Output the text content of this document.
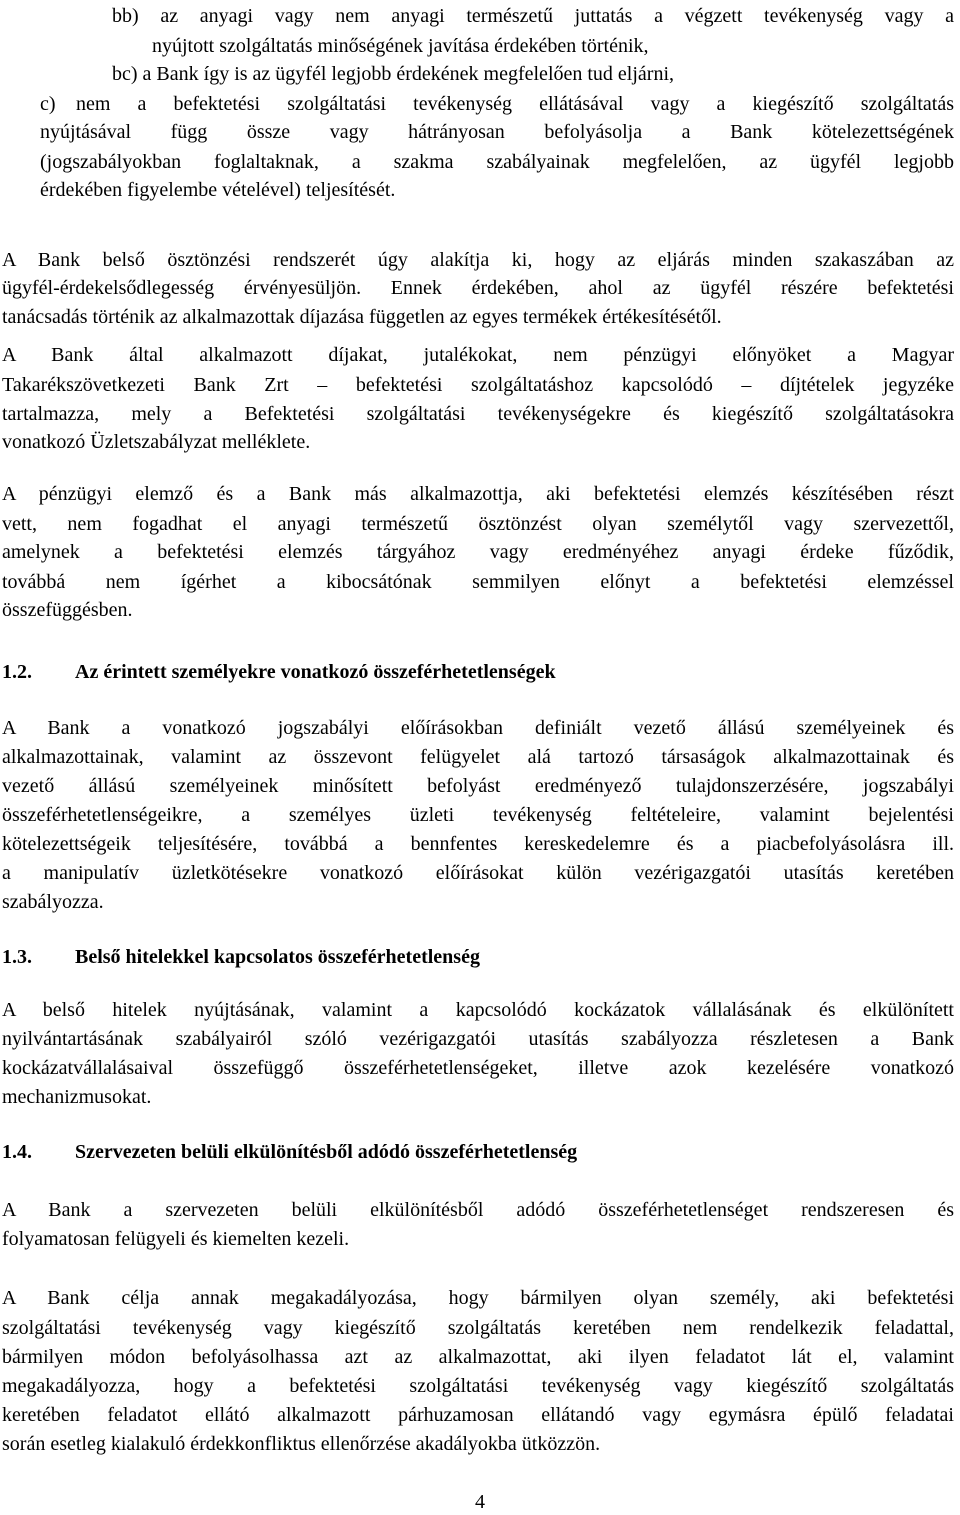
bb) az anyagi vagy nem anyagi természetű juttatás a végzett tevékenység vagy a
nyújtott szolgáltatás minőségének javítása érdekében történik,
bc) a Bank így is az ügyfél legjobb érdekének megfelelően tud eljárni,
c) nem a befektetési szolgáltatási tevékenység ellátásával vagy a kiegészítő szolgáltatás
nyújtásával függ össze vagy hátrányosan befolyásolja a Bank kötelezettségének
(jogszabályokban foglaltaknak, a szakma szabályainak megfelelően, az ügyfél legjobb
érdekében figyelembe vételével) teljesítését.
A Bank belső ösztönzési rendszerét úgy alakítja ki, hogy az eljárás minden szakaszában az
ügyfél-érdekelsődlegesség érvényesüljön. Ennek érdekében, ahol az ügyfél részére befektetési
tanácsadás történik az alkalmazottak díjazása független az egyes termékek értékesítésétől.
A Bank által alkalmazott díjakat, jutalékokat, nem pénzügyi előnyöket a Magyar
Takarékszövetkezeti Bank Zrt – befektetési szolgáltatáshoz kapcsolódó – díjtételek jegyzéke
tartalmazza, mely a Befektetési szolgáltatási tevékenységekre és kiegészítő szolgáltatásokra
vonatkozó Üzletszabályzat melléklete.
A pénzügyi elemző és a Bank más alkalmazottja, aki befektetési elemzés készítésében részt
vett, nem fogadhat el anyagi természetű ösztönzést olyan személytől vagy szervezettől,
amelynek a befektetési elemzés tárgyához vagy eredményéhez anyagi érdeke fűződik,
továbbá nem ígérhet a kibocsátónak semmilyen előnyt a befektetési elemzéssel
összefüggésben.
1.2. Az érintett személyekre vonatkozó összeférhetetlenségek
A Bank a vonatkozó jogszabályi előírásokban definiált vezető állású személyeinek és
alkalmazottainak, valamint az összevont felügyelet alá tartozó társaságok alkalmazottainak és
vezető állású személyeinek minősített befolyást eredményező tulajdonszerzésére, jogszabályi
összeférhetetlenségeikre, a személyes üzleti tevékenység feltételeire, valamint bejelentési
kötelezettségeik teljesítésére, továbbá a bennfentes kereskedelemre és a piacbefolyásolásra ill.
a manipulatív üzletkötésekre vonatkozó előírásokat külön vezérigazgatói utasítás keretében
szabályozza.
1.3. Belső hitelekkel kapcsolatos összeférhetetlenség
A belső hitelek nyújtásának, valamint a kapcsolódó kockázatok vállalásának és elkülönített
nyilvántartásának szabályairól szóló vezérigazgatói utasítás szabályozza részletesen a Bank
kockázatvállalásaival összefüggő összeférhetetlenségeket, illetve azok kezelésére vonatkozó
mechanizmusokat.
1.4. Szervezeten belüli elkülönítésből adódó összeférhetetlenség
A Bank a szervezeten belüli elkülönítésből adódó összeférhetetlenséget rendszeresen és
folyamatosan felügyeli és kiemelten kezeli.
A Bank célja annak megakadályozása, hogy bármilyen olyan személy, aki befektetési
szolgáltatási tevékenység vagy kiegészítő szolgáltatás keretében nem rendelkezik feladattal,
bármilyen módon befolyásolhassa azt az alkalmazottat, aki ilyen feladatot lát el, valamint
megakadályozza, hogy a befektetési szolgáltatási tevékenység vagy kiegészítő szolgáltatás
keretében feladatot ellátó alkalmazott párhuzamosan ellátandó vagy egymásra épülő feladatai
során esetleg kialakuló érdekkonfliktus ellenőrzése akadályokba ütközzön.
4
